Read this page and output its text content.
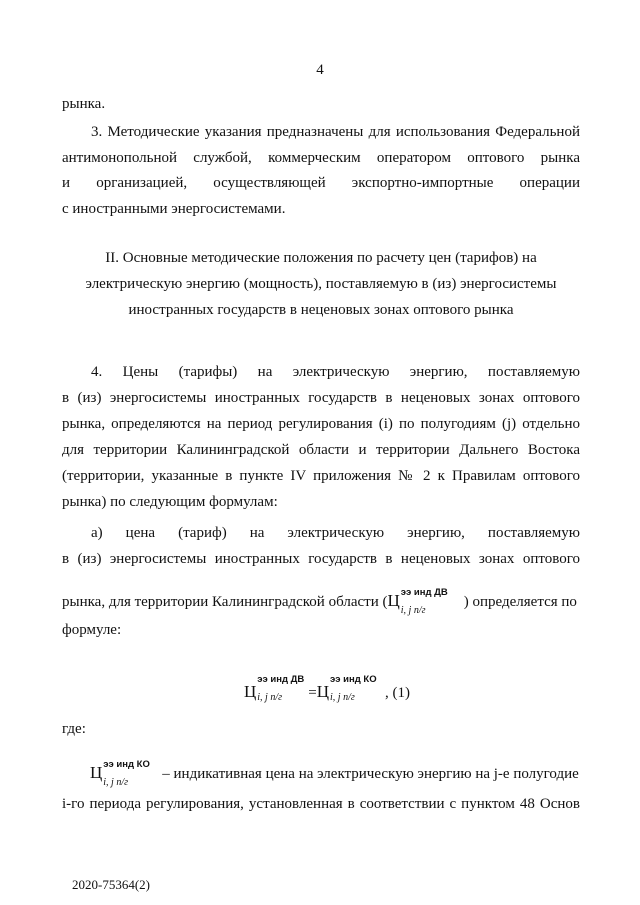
4
рынка.
3. Методические указания предназначены для использования Федеральной
антимонопольной службой, коммерческим оператором оптового рынка
и организацией, осуществляющей экспортно-импортные операции
с иностранными энергосистемами.
II. Основные методические положения по расчету цен (тарифов) на
электрическую энергию (мощность), поставляемую в (из) энергосистемы
иностранных государств в неценовых зонах оптового рынка
4. Цены (тарифы) на электрическую энергию, поставляемую
в (из) энергосистемы иностранных государств в неценовых зонах оптового
рынка, определяются на период регулирования (i) по полугодиям (j) отдельно
для территории Калининградской области и территории Дальнего Востока
(территории, указанные в пункте IV приложения № 2 к Правилам оптового
рынка) по следующим формулам:
а) цена (тариф) на электрическую энергию, поставляемую
в (из) энергосистемы иностранных государств в неценовых зонах оптового
рынка, для территории Калининградской области (Ц ээ инд ДВ
i, j п/г
) определяется по
формуле:
Ц
ээ инд ДВ
i, j п/г =Ц
ээ инд КО
i, j п/г , (1)
где:
Ц ээ инд КО
i, j п/г
– индикативная цена на электрическую энергию на j-е полугодие
i-го периода регулирования, установленная в соответствии с пунктом 48 Основ
2020-75364(2)
